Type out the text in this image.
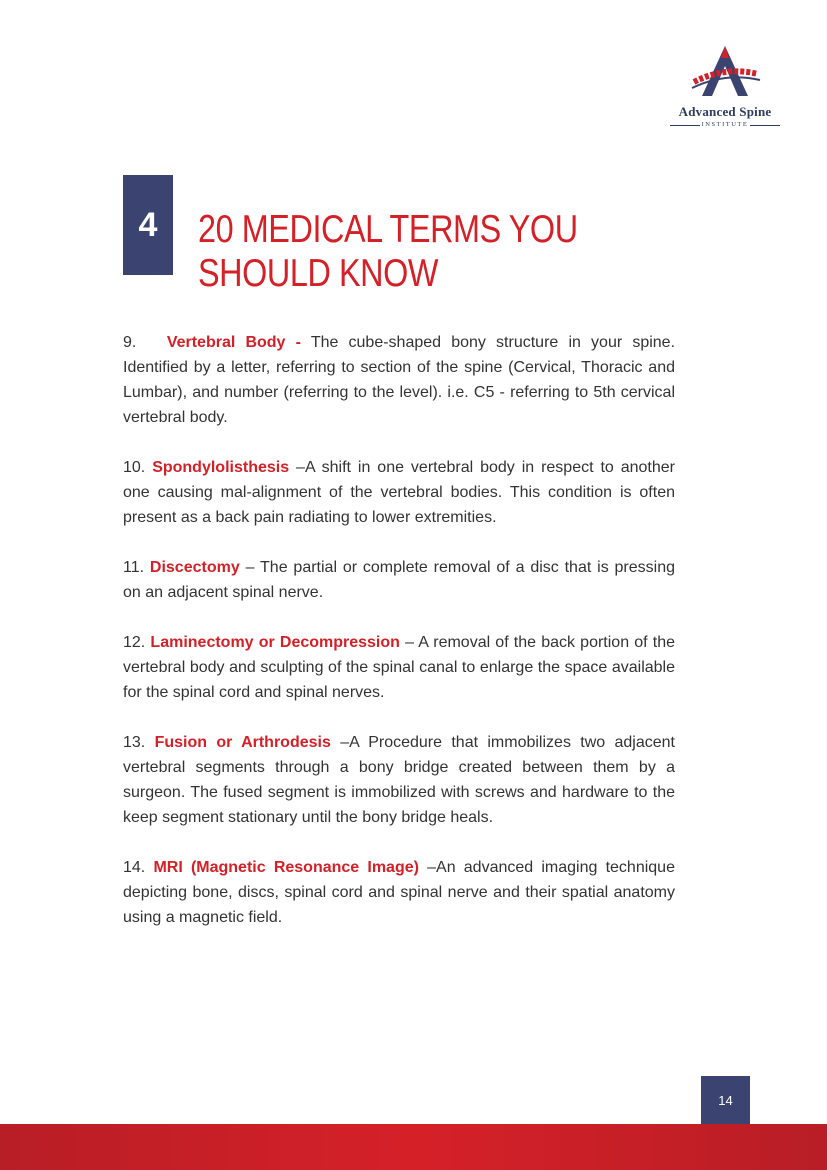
Advanced Spine
INSTITUTE
4 20 MEDICAL TERMS YOU
SHOULD KNOW

9. Vertebral Body - The cube-shaped bony structure in your spine. Identified by a letter, referring to section of the spine (Cervical, Thoracic and Lumbar), and number (referring to the level). i.e. C5 - referring to 5th cervical vertebral body.

10. Spondylolisthesis –A shift in one vertebral body in respect to another one causing mal-alignment of the vertebral bodies. This condition is often present as a back pain radiating to lower extremities.

11. Discectomy – The partial or complete removal of a disc that is pressing on an adjacent spinal nerve.

12. Laminectomy or Decompression – A removal of the back portion of the vertebral body and sculpting of the spinal canal to enlarge the space available for the spinal cord and spinal nerves.

13. Fusion or Arthrodesis –A Procedure that immobilizes two adjacent vertebral segments through a bony bridge created between them by a surgeon. The fused segment is immobilized with screws and hardware to the keep segment stationary until the bony bridge heals.

14. MRI (Magnetic Resonance Image) –An advanced imaging technique depicting bone, discs, spinal cord and spinal nerve and their spatial anatomy using a magnetic field.

14
